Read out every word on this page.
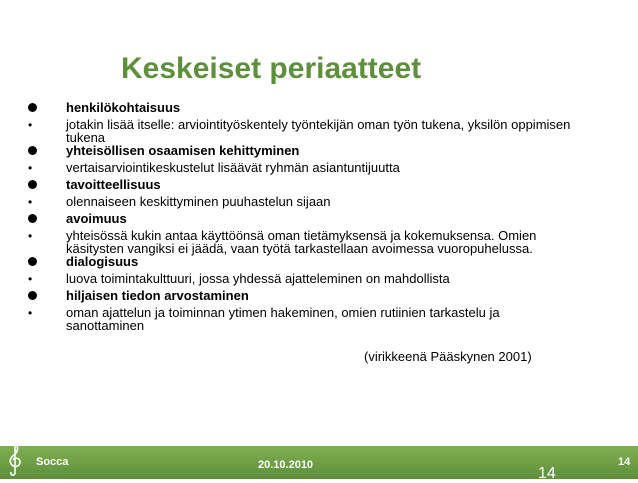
Keskeiset periaatteet
henkilökohtaisuus
•	jotakin lisää itselle: arviointityöskentely työntekijän oman työn tukena, yksilön oppimisen tukena
yhteisöllisen osaamisen kehittyminen
•	vertaisarviointikeskustelut lisäävät ryhmän asiantuntijuutta
tavoitteellisuus
•	olennaiseen keskittyminen puuhastelun sijaan
avoimuus
•	yhteisössä kukin antaa käyttöönsä oman tietämyksensä ja kokemuksensa. Omien käsitysten vangiksi ei jäädä, vaan työtä tarkastellaan avoimessa vuoropuhelussa.
dialogisuus
•	luova toimintakulttuuri, jossa yhdessä ajatteleminen on mahdollista
hiljaisen tiedon arvostaminen
•	oman ajattelun ja toiminnan ytimen hakeminen, omien rutiinien tarkastelu ja sanottaminen
(virikkeenä Pääskynen 2001)
Socca	20.10.2010	14
14
